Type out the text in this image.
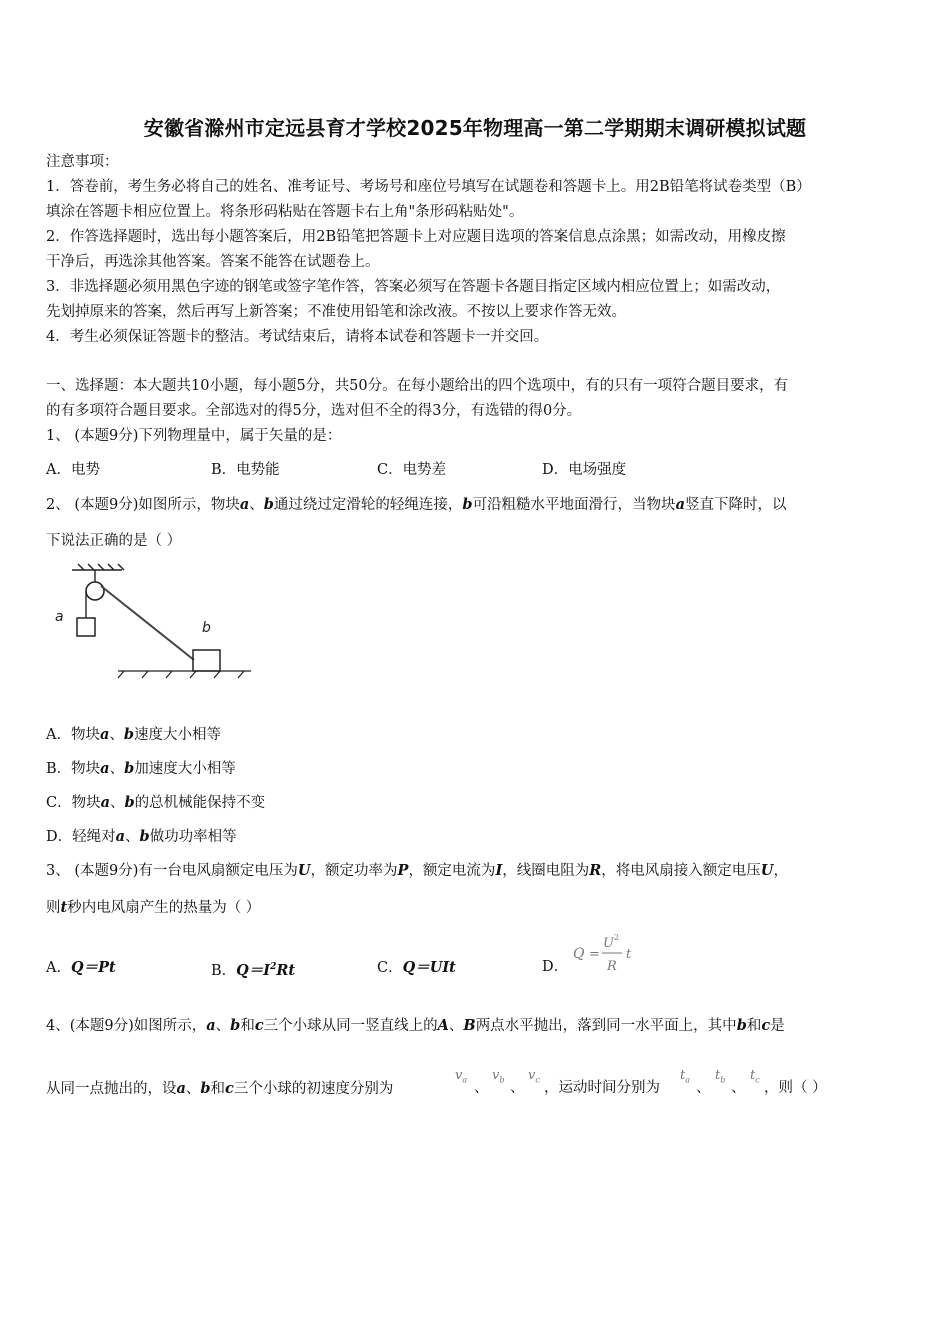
安徽省滁州市定远县育才学校2025年物理高一第二学期期末调研模拟试题
注意事项：
1．答卷前，考生务必将自己的姓名、准考证号、考场号和座位号填写在试题卷和答题卡上。用2B铅笔将试卷类型（B）
填涂在答题卡相应位置上。将条形码粘贴在答题卡右上角"条形码粘贴处"。
2．作答选择题时，选出每小题答案后，用2B铅笔把答题卡上对应题目选项的答案信息点涂黑；如需改动，用橡皮擦
干净后，再选涂其他答案。答案不能答在试题卷上。
3．非选择题必须用黑色字迹的钢笔或签字笔作答，答案必须写在答题卡各题目指定区域内相应位置上；如需改动，
先划掉原来的答案，然后再写上新答案；不准使用铅笔和涂改液。不按以上要求作答无效。
4．考生必须保证答题卡的整洁。考试结束后，请将本试卷和答题卡一并交回。
一、选择题：本大题共10小题，每小题5分，共50分。在每小题给出的四个选项中，有的只有一项符合题目要求，有
的有多项符合题目要求。全部选对的得5分，选对但不全的得3分，有选错的得0分。
1、 (本题9分)下列物理量中，属于矢量的是：
A．电势	B．电势能	C．电势差	D．电场强度
2、 (本题9分)如图所示，物块a、b通过绕过定滑轮的轻绳连接，b可沿粗糙水平地面滑行，当物块a竖直下降时，以
下说法正确的是（ ）
a
b
A．物块a、b速度大小相等
B．物块a、b加速度大小相等
C．物块a、b的总机械能保持不变
D．轻绳对a、b做功功率相等
3、 (本题9分)有一台电风扇额定电压为U，额定功率为P，额定电流为I，线圈电阻为R，将电风扇接入额定电压U，
则t秒内电风扇产生的热量为（ ）
A．Q＝Pt	B．$Q=I^2Rt$	C．Q＝UIt	D．
Q =
U 2
R
t
4、(本题9分)如图所示，a、b和c三个小球从同一竖直线上的A、B两点水平抛出，落到同一水平面上，其中b和c是
从同一点抛出的，设a、b和c三个小球的初速度分别为
$v_a$ 、
$v_b$ 、
$v_c$ ，运动时间分别为
$t_a$ 、
$t_b$ 、
$t_c$ ，则（ ）
